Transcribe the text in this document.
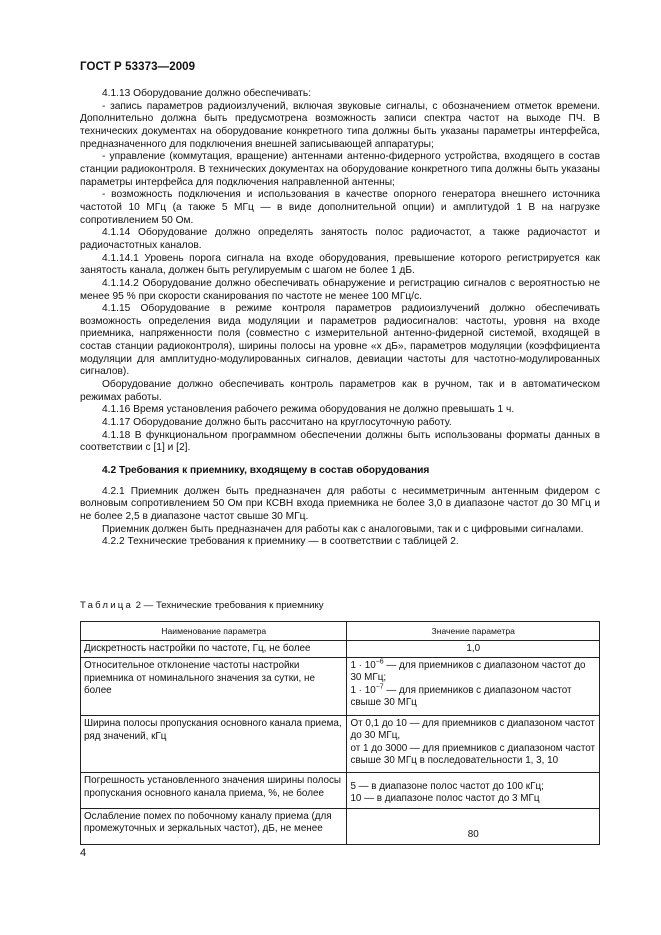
ГОСТ Р 53373—2009

4.1.13 Оборудование должно обеспечивать:

- запись параметров радиоизлучений, включая звуковые сигналы, с обозначением отметок времени. Дополнительно должна быть предусмотрена возможность записи спектра частот на выходе ПЧ. В технических документах на оборудование конкретного типа должны быть указаны параметры интерфейса, предназначенного для подключения внешней записывающей аппаратуры;

- управление (коммутация, вращение) антеннами антенно-фидерного устройства, входящего в состав станции радиоконтроля. В технических документах на оборудование конкретного типа должны быть указаны параметры интерфейса для подключения направленной антенны;

- возможность подключения и использования в качестве опорного генератора внешнего источника частотой 10 МГц (а также 5 МГц — в виде дополнительной опции) и амплитудой 1 В на нагрузке сопротивлением 50 Ом.

4.1.14 Оборудование должно определять занятость полос радиочастот, а также радиочастот и радиочастотных каналов.

4.1.14.1 Уровень порога сигнала на входе оборудования, превышение которого регистрируется как занятость канала, должен быть регулируемым с шагом не более 1 дБ.

4.1.14.2 Оборудование должно обеспечивать обнаружение и регистрацию сигналов с вероятностью не менее 95 % при скорости сканирования по частоте не менее 100 МГц/с.

4.1.15 Оборудование в режиме контроля параметров радиоизлучений должно обеспечивать возможность определения вида модуляции и параметров радиосигналов: частоты, уровня на входе приемника, напряженности поля (совместно с измерительной антенно-фидерной системой, входящей в состав станции радиоконтроля), ширины полосы на уровне «х дБ», параметров модуляции (коэффициента модуляции для амплитудно-модулированных сигналов, девиации частоты для частотно-модулированных сигналов).

Оборудование должно обеспечивать контроль параметров как в ручном, так и в автоматическом режимах работы.

4.1.16 Время установления рабочего режима оборудования не должно превышать 1 ч.

4.1.17 Оборудование должно быть рассчитано на круглосуточную работу.

4.1.18 В функциональном программном обеспечении должны быть использованы форматы данных в соответствии с [1] и [2].

4.2 Требования к приемнику, входящему в состав оборудования

4.2.1 Приемник должен быть предназначен для работы с несимметричным антенным фидером с волновым сопротивлением 50 Ом при КСВН входа приемника не более 3,0 в диапазоне частот до 30 МГц и не более 2,5 в диапазоне частот свыше 30 МГц.

Приемник должен быть предназначен для работы как с аналоговыми, так и с цифровыми сигналами.

4.2.2 Технические требования к приемнику — в соответствии с таблицей 2.

Таблица 2 — Технические требования к приемнику
Наименование параметра	Значение параметра
Дискретность настройки по частоте, Гц, не более	1,0
Относительное отклонение частоты настройки приемника от номинального значения за сутки, не более	$1 \cdot 10^{-6}$ — для приемников с диапазоном частот до 30 МГц;
$1 \cdot 10^{-7}$ — для приемников с диапазоном частот свыше 30 МГц
Ширина полосы пропускания основного канала приема, ряд значений, кГц	От 0,1 до 10 — для приемников с диапазоном частот до 30 МГц,
от 1 до 3000 — для приемников с диапазоном частот свыше 30 МГц в последовательности 1, 3, 10
Погрешность установленного значения ширины полосы пропускания основного канала приема, %, не более	5 — в диапазоне полос частот до 100 кГц;
10 — в диапазоне полос частот до 3 МГц
Ослабление помех по побочному каналу приема (для промежуточных и зеркальных частот), дБ, не менее	80
4
